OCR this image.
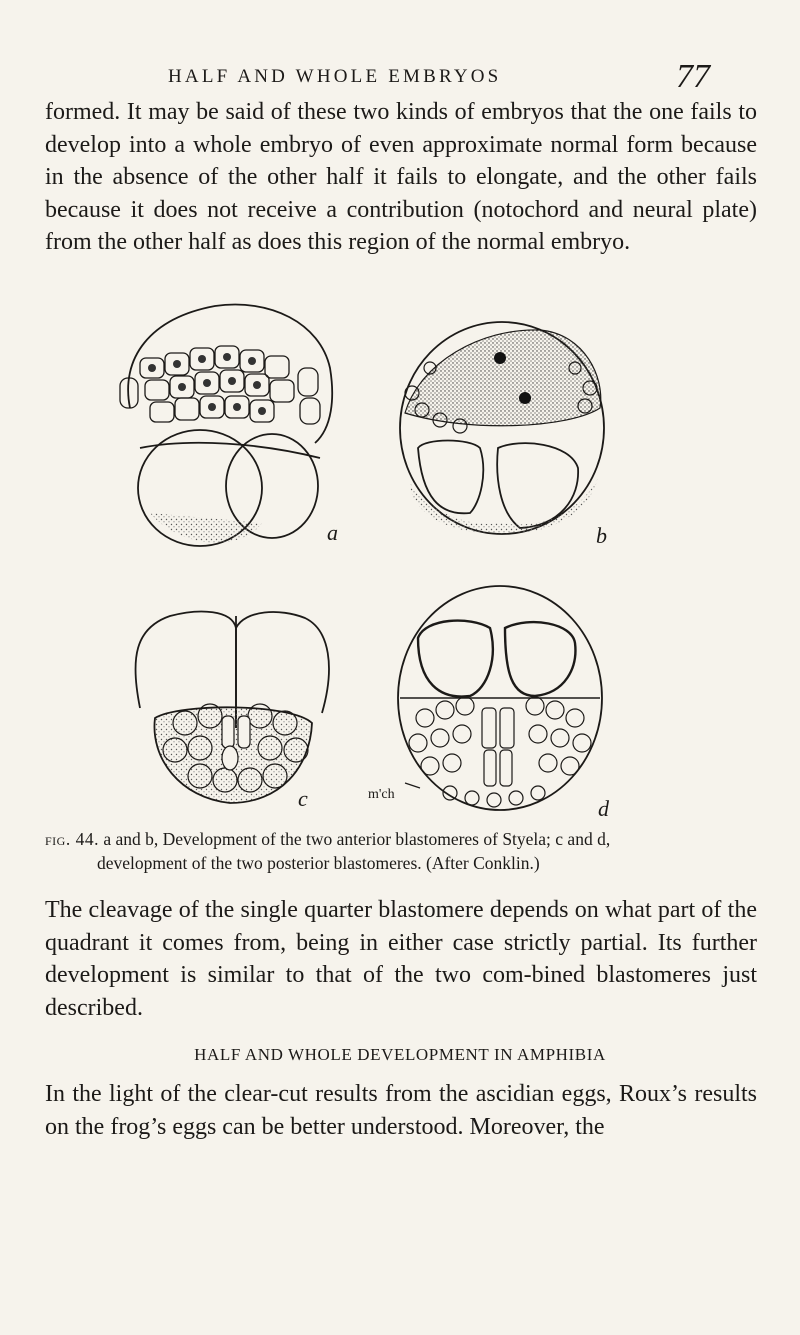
HALF AND WHOLE EMBRYOS	77

formed. It may be said of these two kinds of embryos that the one fails to develop into a whole embryo of even approximate normal form because in the absence of the other half it fails to elongate, and the other fails because it does not receive a contribution (notochord and neural plate) from the other half as does this region of the normal embryo.

a	b
c	m'ch
d
fig. 44. a and b, Development of the two anterior blastomeres of Styela; c and d,
development of the two posterior blastomeres. (After Conklin.)

The cleavage of the single quarter blastomere depends on what part of the quadrant it comes from, being in either case strictly partial. Its further development is similar to that of the two com-bined blastomeres just described.

HALF AND WHOLE DEVELOPMENT IN AMPHIBIA

In the light of the clear-cut results from the ascidian eggs, Roux’s results on the frog’s eggs can be better understood. Moreover, the
